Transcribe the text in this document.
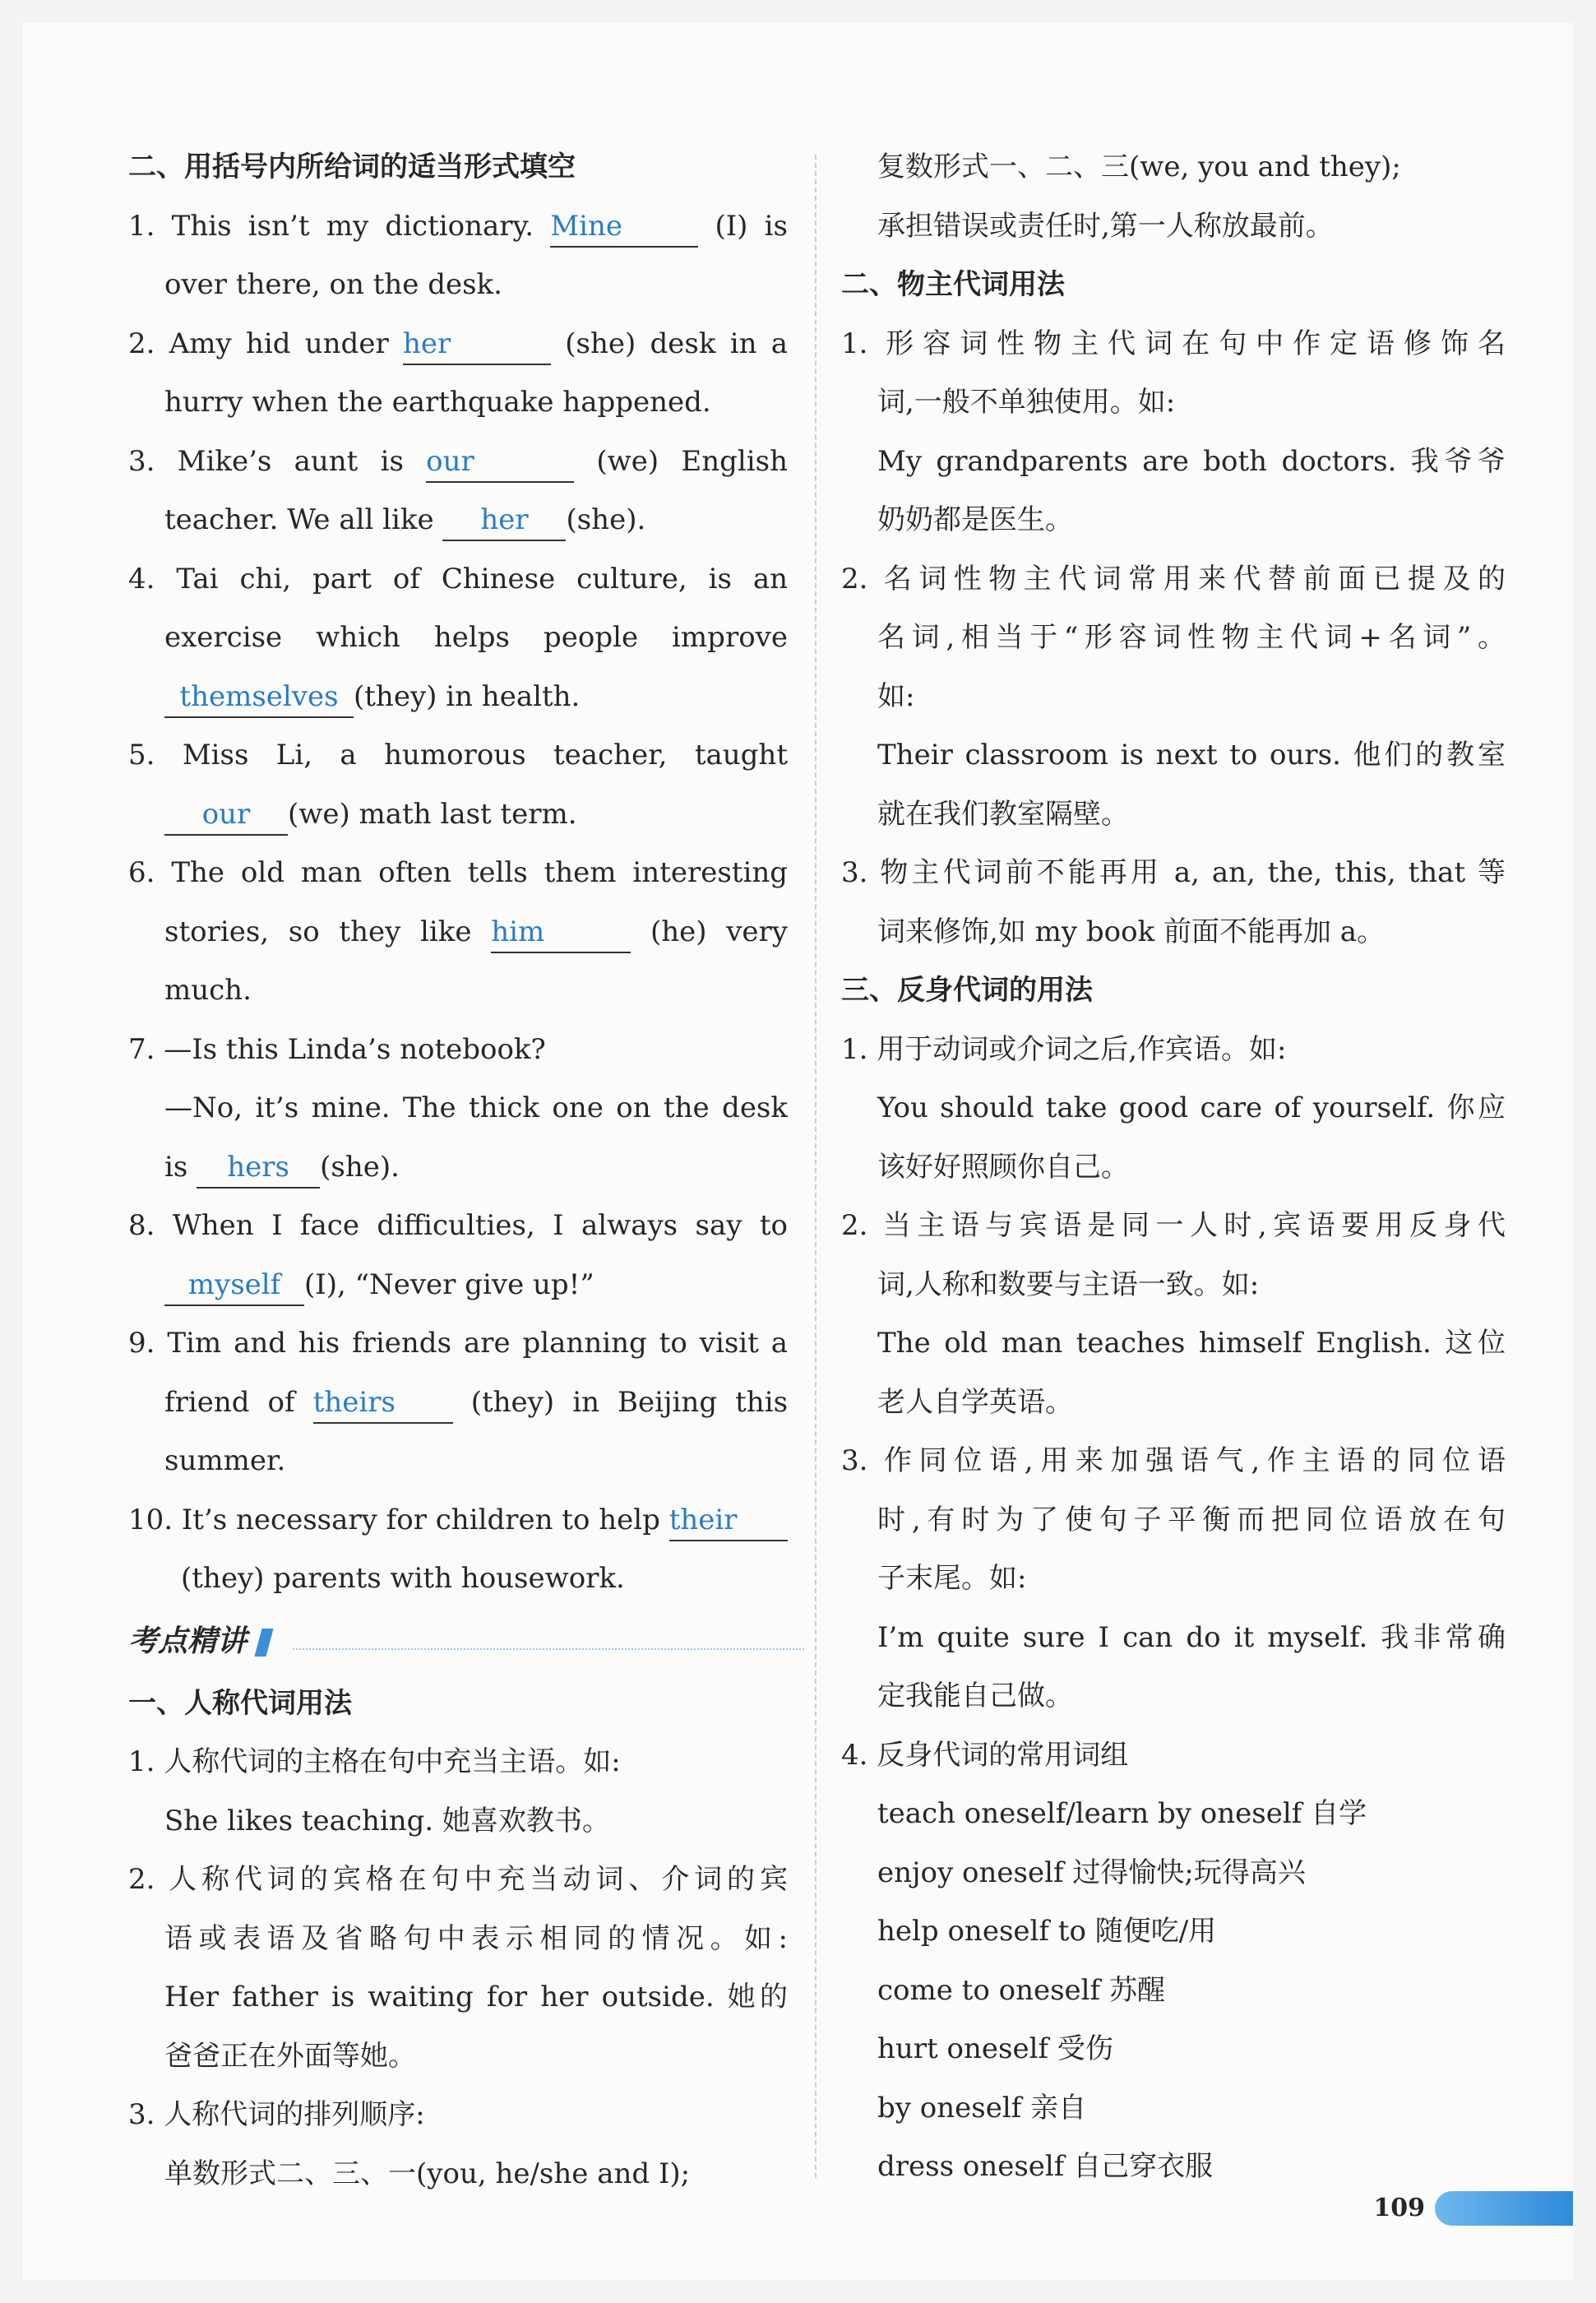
二、用括号内所给词的适当形式填空
1. This isn’t my dictionary. Mine	(I) is
over there, on the desk.
2. Amy hid under her	(she) desk in a
hurry when the earthquake happened.
3. Mike’s aunt is our	(we) English
teacher. We all like her (she).
4. Tai chi, part of Chinese culture, is an
exercise which helps people improve
themselves (they) in health.
5. Miss Li, a humorous teacher, taught
our (we) math last term.
6. The old man often tells them interesting
stories, so they like him	(he) very
much.
7. —Is this Linda’s notebook?
—No, it’s mine. The thick one on the desk
is hers (she).
8. When I face difficulties, I always say to
myself (I), “Never give up!”
9. Tim and his friends are planning to visit a
friend of theirs	(they) in Beijing this
summer.
10. It’s necessary for children to help their
(they) parents with housework.
考点精讲
一、人称代词用法
1. 人称代词的主格在句中充当主语。如:
She likes teaching. 她喜欢教书。
2. 人称代词的宾格在句中充当动词、介词的宾
语或表语及省略句中表示相同的情况。如:
Her father is waiting for her outside. 她的
爸爸正在外面等她。
3. 人称代词的排列顺序:
单数形式二、三、一(you, he/she and I);
复数形式一、二、三(we, you and they);
承担错误或责任时,第一人称放最前。
二、物主代词用法
1. 形容词性物主代词在句中作定语修饰名
词,一般不单独使用。如:
My grandparents are both doctors. 我爷爷
奶奶都是医生。
2. 名词性物主代词常用来代替前面已提及的
名词,相当于“形容词性物主代词+名词”。
如:
Their classroom is next to ours. 他们的教室
就在我们教室隔壁。
3. 物主代词前不能再用 a, an, the, this, that 等
词来修饰,如 my book 前面不能再加 a。
三、反身代词的用法
1. 用于动词或介词之后,作宾语。如:
You should take good care of yourself. 你应
该好好照顾你自己。
2. 当主语与宾语是同一人时,宾语要用反身代
词,人称和数要与主语一致。如:
The old man teaches himself English. 这位
老人自学英语。
3. 作同位语,用来加强语气,作主语的同位语
时,有时为了使句子平衡而把同位语放在句
子末尾。如:
I’m quite sure I can do it myself. 我非常确
定我能自己做。
4. 反身代词的常用词组
teach oneself/learn by oneself 自学
enjoy oneself 过得愉快;玩得高兴
help oneself to 随便吃/用
come to oneself 苏醒
hurt oneself 受伤
by oneself 亲自
dress oneself 自己穿衣服
109
